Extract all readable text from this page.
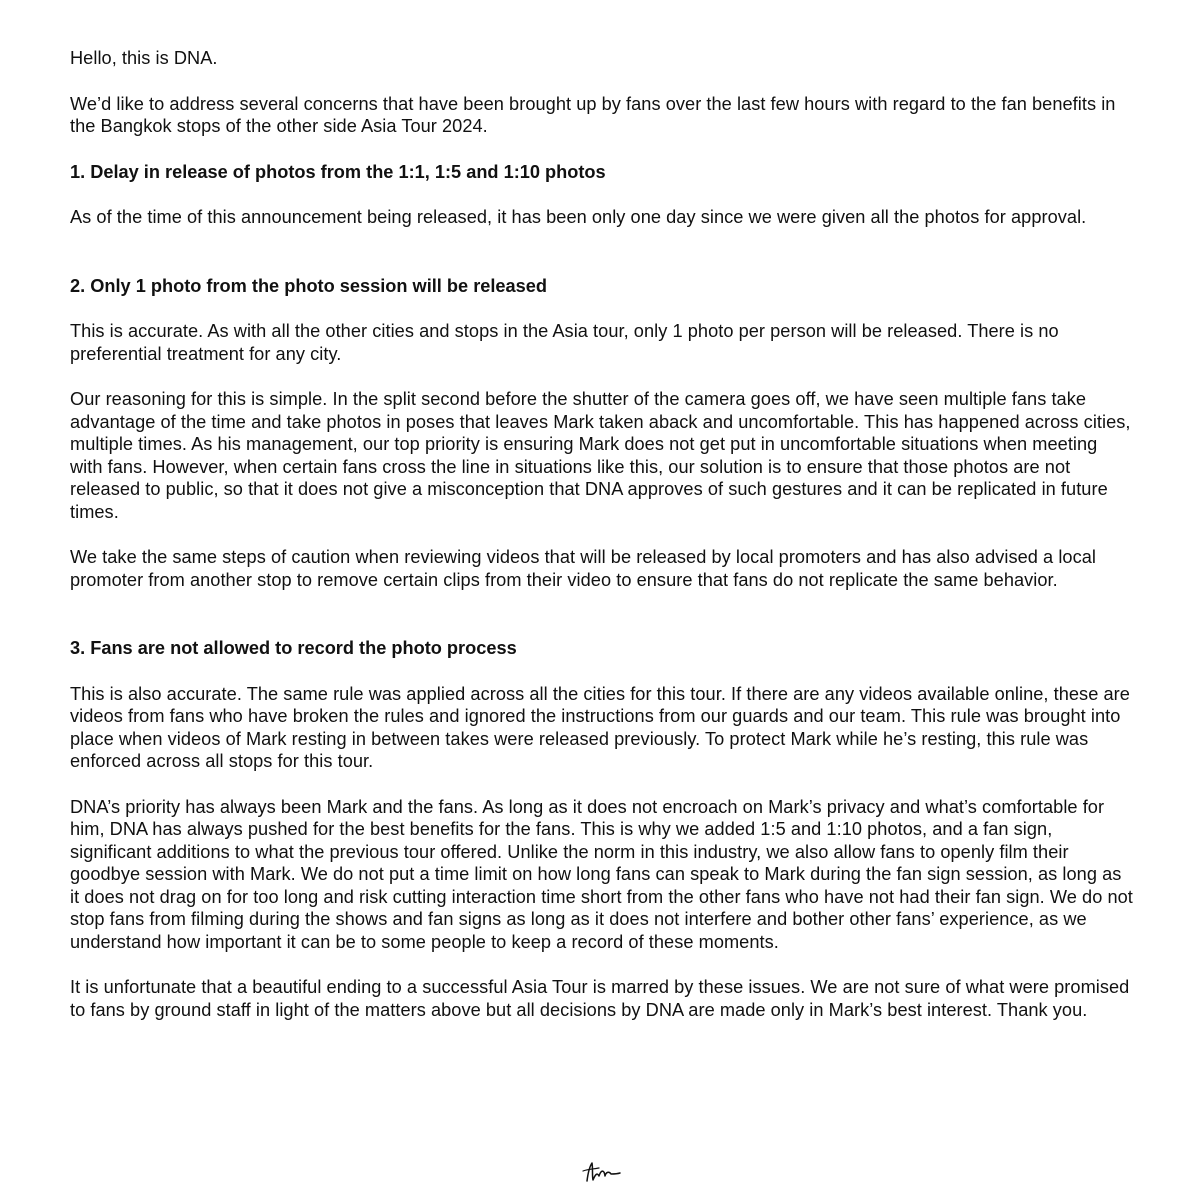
Hello, this is DNA.

We’d like to address several concerns that have been brought up by fans over the last few hours with regard to the fan benefits in the Bangkok stops of the other side Asia Tour 2024.

1. Delay in release of photos from the 1:1, 1:5 and 1:10 photos

As of the time of this announcement being released, it has been only one day since we were given all the photos for approval.

2. Only 1 photo from the photo session will be released

This is accurate. As with all the other cities and stops in the Asia tour, only 1 photo per person will be released. There is no preferential treatment for any city.

Our reasoning for this is simple. In the split second before the shutter of the camera goes off, we have seen multiple fans take advantage of the time and take photos in poses that leaves Mark taken aback and uncomfortable. This has happened across cities, multiple times. As his management, our top priority is ensuring Mark does not get put in uncomfortable situations when meeting with fans. However, when certain fans cross the line in situations like this, our solution is to ensure that those photos are not released to public, so that it does not give a misconception that DNA approves of such gestures and it can be replicated in future times.

We take the same steps of caution when reviewing videos that will be released by local promoters and has also advised a local promoter from another stop to remove certain clips from their video to ensure that fans do not replicate the same behavior.

3. Fans are not allowed to record the photo process

This is also accurate. The same rule was applied across all the cities for this tour. If there are any videos available online, these are videos from fans who have broken the rules and ignored the instructions from our guards and our team. This rule was brought into place when videos of Mark resting in between takes were released previously. To protect Mark while he’s resting, this rule was enforced across all stops for this tour.

DNA’s priority has always been Mark and the fans. As long as it does not encroach on Mark’s privacy and what’s comfortable for him, DNA has always pushed for the best benefits for the fans. This is why we added 1:5 and 1:10 photos, and a fan sign, significant additions to what the previous tour offered. Unlike the norm in this industry, we also allow fans to openly film their goodbye session with Mark. We do not put a time limit on how long fans can speak to Mark during the fan sign session, as long as it does not drag on for too long and risk cutting interaction time short from the other fans who have not had their fan sign. We do not stop fans from filming during the shows and fan signs as long as it does not interfere and bother other fans’ experience, as we understand how important it can be to some people to keep a record of these moments.

It is unfortunate that a beautiful ending to a successful Asia Tour is marred by these issues. We are not sure of what were promised to fans by ground staff in light of the matters above but all decisions by DNA are made only in Mark’s best interest. Thank you.
